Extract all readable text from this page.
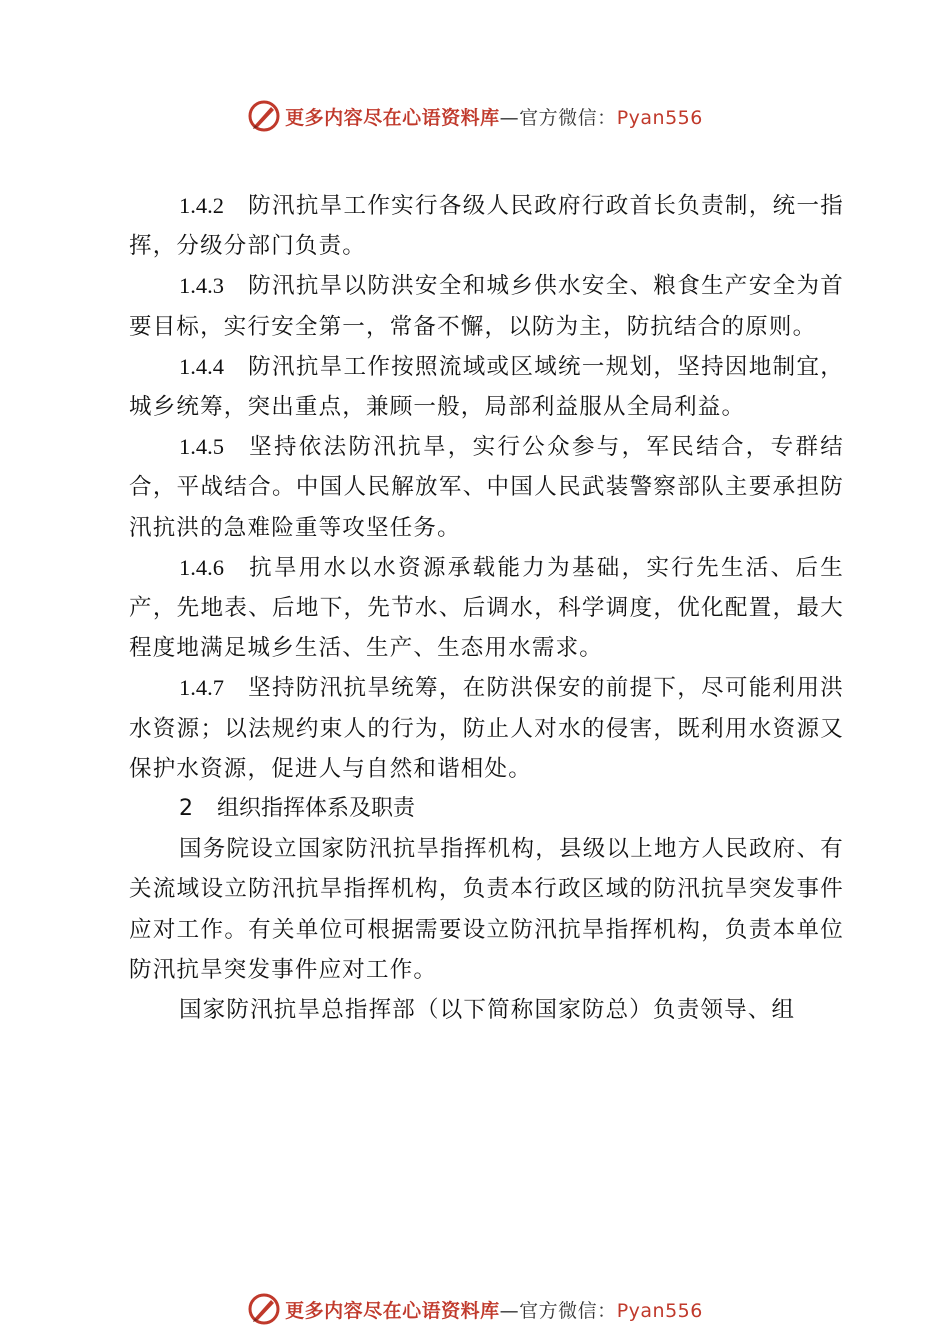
更多内容尽在心语资料库—官方微信：Pyan556

1.4.2 防汛抗旱工作实行各级人民政府行政首长负责制，统一指挥，分级分部门负责。

1.4.3 防汛抗旱以防洪安全和城乡供水安全、粮食生产安全为首要目标，实行安全第一，常备不懈，以防为主，防抗结合的原则。

1.4.4 防汛抗旱工作按照流域或区域统一规划，坚持因地制宜，城乡统筹，突出重点，兼顾一般，局部利益服从全局利益。

1.4.5 坚持依法防汛抗旱，实行公众参与，军民结合，专群结合，平战结合。中国人民解放军、中国人民武装警察部队主要承担防汛抗洪的急难险重等攻坚任务。

1.4.6 抗旱用水以水资源承载能力为基础，实行先生活、后生产，先地表、后地下，先节水、后调水，科学调度，优化配置，最大程度地满足城乡生活、生产、生态用水需求。

1.4.7 坚持防汛抗旱统筹，在防洪保安的前提下，尽可能利用洪水资源；以法规约束人的行为，防止人对水的侵害，既利用水资源又保护水资源，促进人与自然和谐相处。

2 组织指挥体系及职责

国务院设立国家防汛抗旱指挥机构，县级以上地方人民政府、有关流域设立防汛抗旱指挥机构，负责本行政区域的防汛抗旱突发事件应对工作。有关单位可根据需要设立防汛抗旱指挥机构，负责本单位防汛抗旱突发事件应对工作。

国家防汛抗旱总指挥部（以下简称国家防总）负责领导、组

更多内容尽在心语资料库—官方微信：Pyan556
